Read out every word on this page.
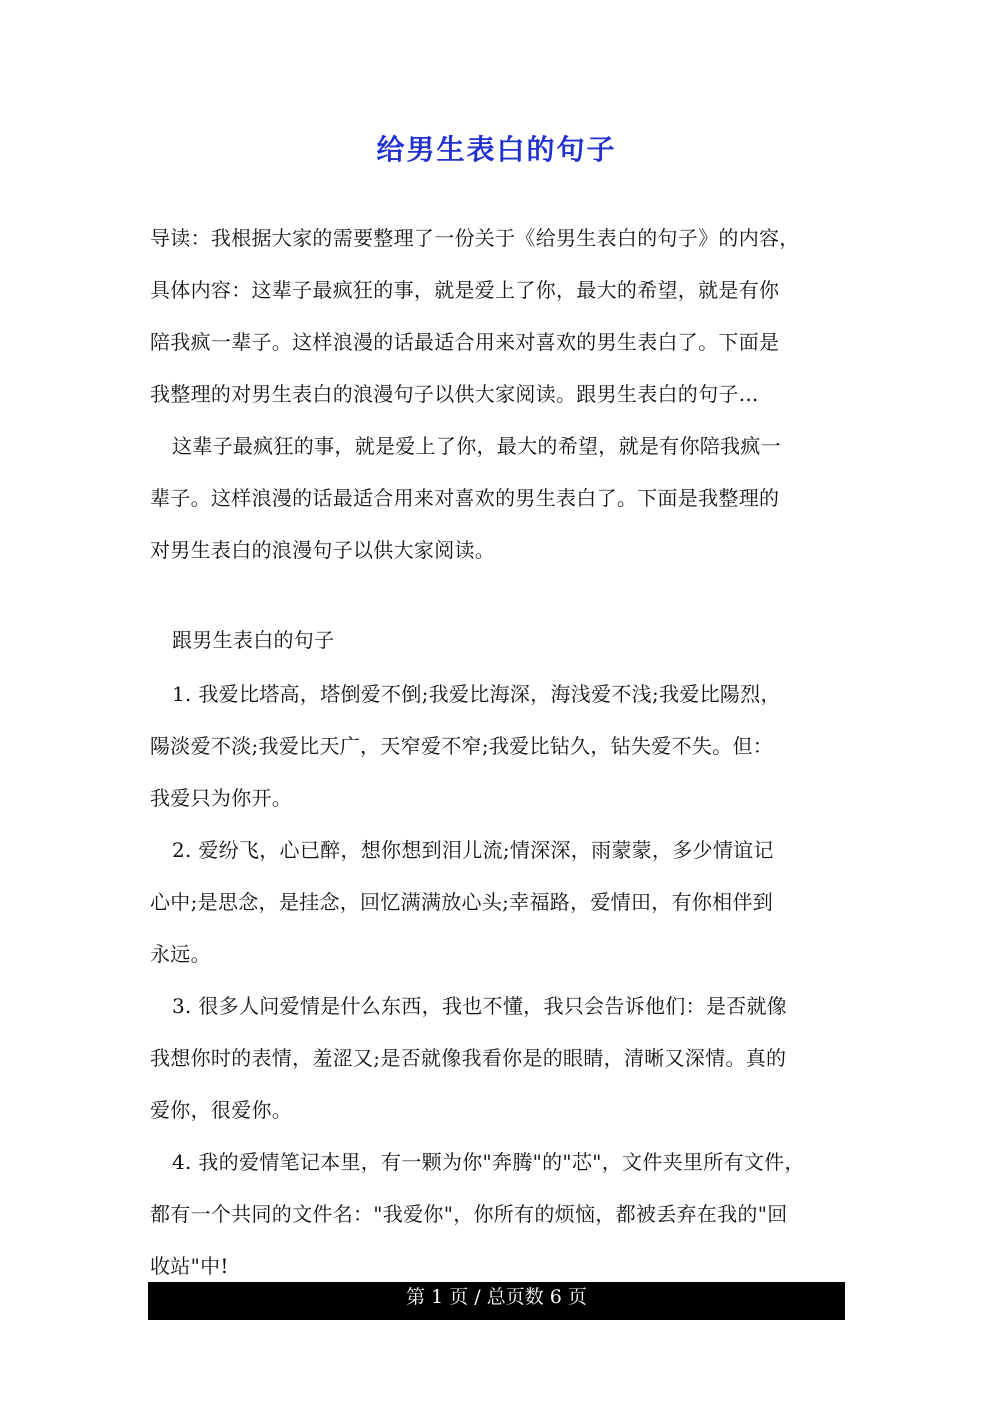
给男生表白的句子
导读：我根据大家的需要整理了一份关于《给男生表白的句子》的内容，
具体内容：这辈子最疯狂的事，就是爱上了你，最大的希望，就是有你
陪我疯一辈子。这样浪漫的话最适合用来对喜欢的男生表白了。下面是
我整理的对男生表白的浪漫句子以供大家阅读。跟男生表白的句子...
这辈子最疯狂的事，就是爱上了你，最大的希望，就是有你陪我疯一
辈子。这样浪漫的话最适合用来对喜欢的男生表白了。下面是我整理的
对男生表白的浪漫句子以供大家阅读。
跟男生表白的句子
1. 我爱比塔高，塔倒爱不倒;我爱比海深，海浅爱不浅;我爱比陽烈，
陽淡爱不淡;我爱比天广，天窄爱不窄;我爱比钻久，钻失爱不失。但：
我爱只为你开。
2. 爱纷飞，心已醉，想你想到泪儿流;情深深，雨蒙蒙，多少情谊记
心中;是思念，是挂念，回忆满满放心头;幸福路，爱情田，有你相伴到
永远。
3. 很多人问爱情是什么东西，我也不懂，我只会告诉他们：是否就像
我想你时的表情，羞涩又;是否就像我看你是的眼睛，清晰又深情。真的
爱你，很爱你。
4. 我的爱情笔记本里，有一颗为你"奔腾"的"芯"，文件夹里所有文件，
都有一个共同的文件名："我爱你"，你所有的烦恼，都被丢弃在我的"回
收站"中!
第 1 页 / 总页数 6 页
